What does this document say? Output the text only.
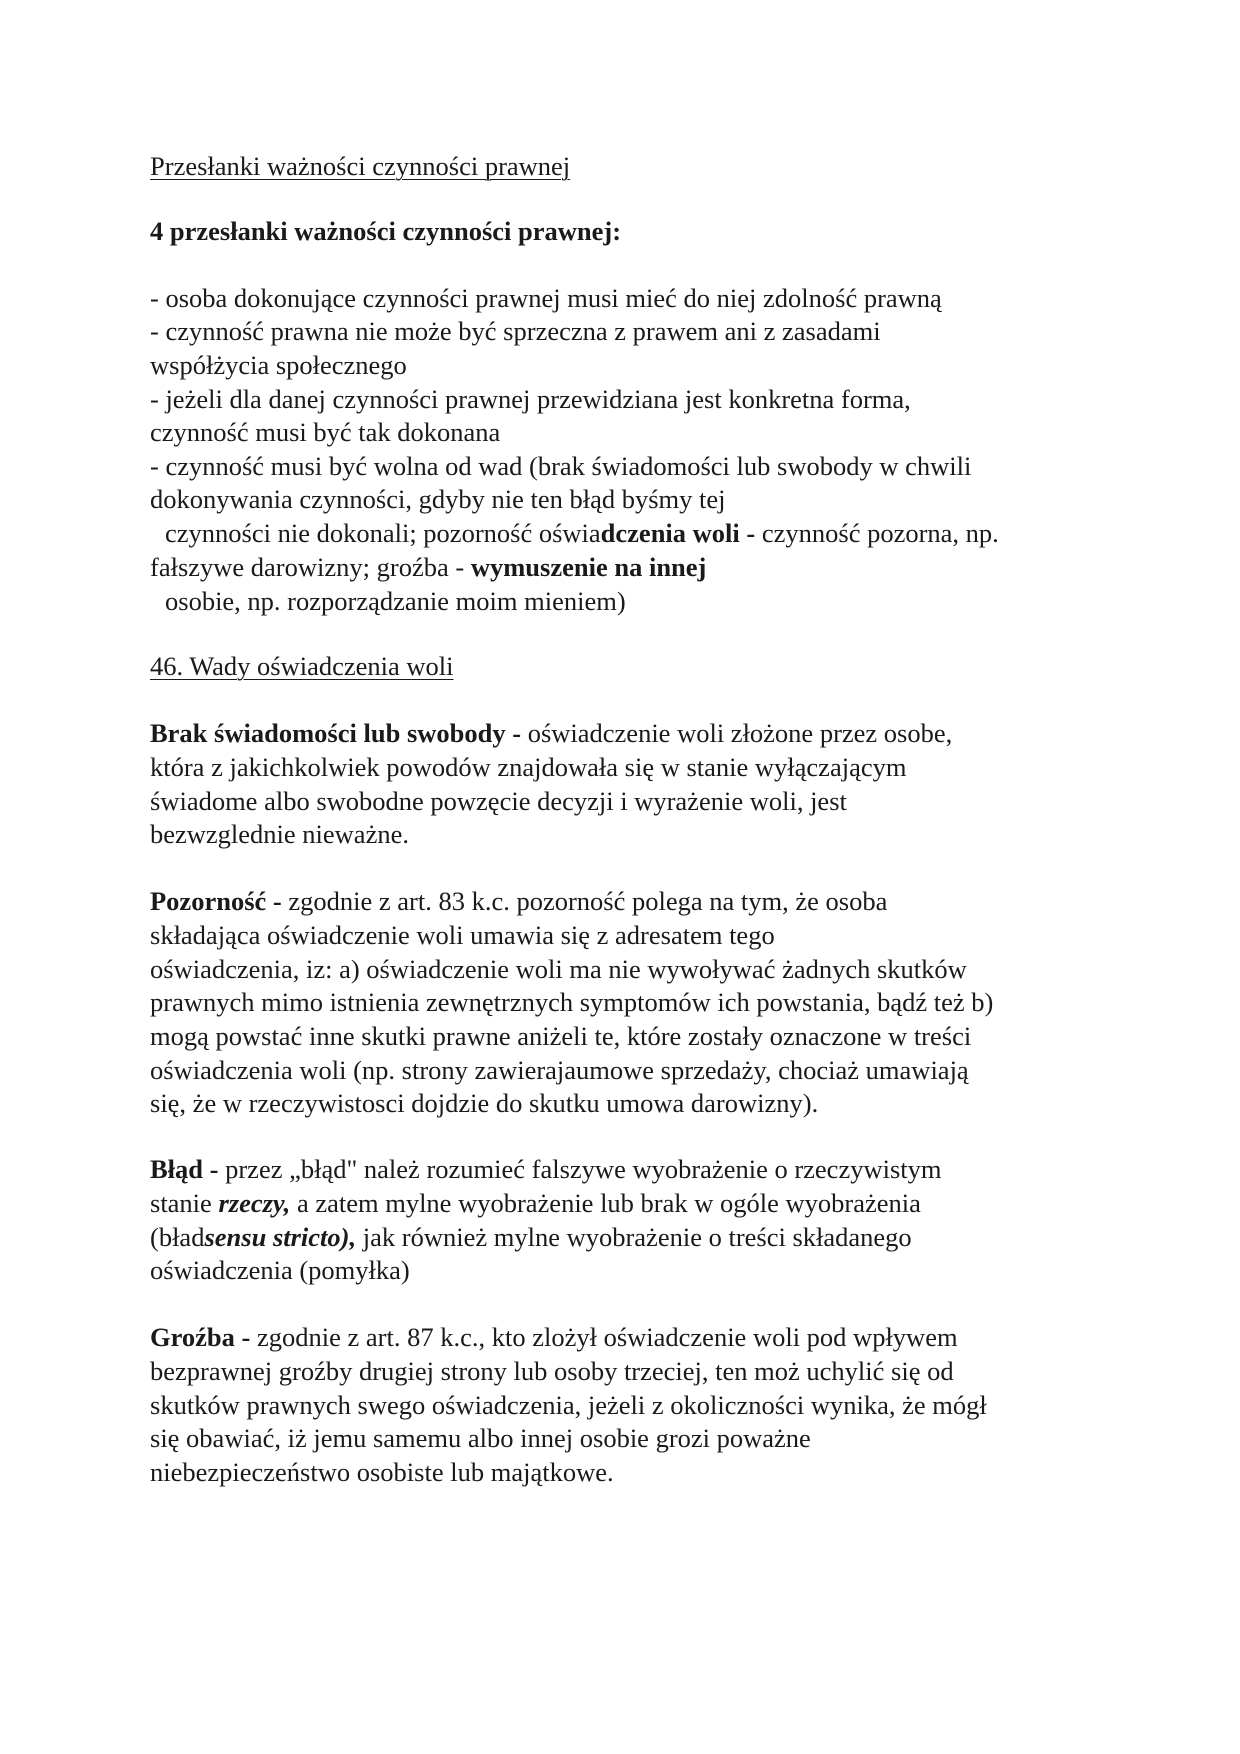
Przesłanki ważności czynności prawnej
4 przesłanki ważności czynności prawnej:
- osoba dokonujące czynności prawnej musi mieć do niej zdolność prawną
- czynność prawna nie może być sprzeczna z prawem ani z zasadami
współżycia społecznego
- jeżeli dla danej czynności prawnej przewidziana jest konkretna forma,
czynność musi być tak dokonana
- czynność musi być wolna od wad (brak świadomości lub swobody w chwili
dokonywania czynności, gdyby nie ten błąd byśmy tej
czynności nie dokonali; pozorność oświadczenia woli - czynność pozorna, np.
fałszywe darowizny; groźba - wymuszenie na innej
osobie, np. rozporządzanie moim mieniem)
46. Wady oświadczenia woli
Brak świadomości lub swobody - oświadczenie woli złożone przez osobe,
która z jakichkolwiek powodów znajdowała się w stanie wyłączającym
świadome albo swobodne powzęcie decyzji i wyrażenie woli, jest
bezwzglednie nieważne.
Pozorność - zgodnie z art. 83 k.c. pozorność polega na tym, że osoba
składająca oświadczenie woli umawia się z adresatem tego
oświadczenia, iz: a) oświadczenie woli ma nie wywoływać żadnych skutków
prawnych mimo istnienia zewnętrznych symptomów ich powstania, bądź też b)
mogą powstać inne skutki prawne aniżeli te, które zostały oznaczone w treści
oświadczenia woli (np. strony zawierajaumowe sprzedaży, chociaż umawiają
się, że w rzeczywistosci dojdzie do skutku umowa darowizny).
Błąd - przez „błąd" należ rozumieć falszywe wyobrażenie o rzeczywistym
stanie rzeczy, a zatem mylne wyobrażenie lub brak w ogóle wyobrażenia
(bładsensu stricto), jak również mylne wyobrażenie o treści składanego
oświadczenia (pomyłka)
Groźba - zgodnie z art. 87 k.c., kto zlożył oświadczenie woli pod wpływem
bezprawnej groźby drugiej strony lub osoby trzeciej, ten moż uchylić się od
skutków prawnych swego oświadczenia, jeżeli z okoliczności wynika, że mógł
się obawiać, iż jemu samemu albo innej osobie grozi poważne
niebezpieczeństwo osobiste lub majątkowe.
